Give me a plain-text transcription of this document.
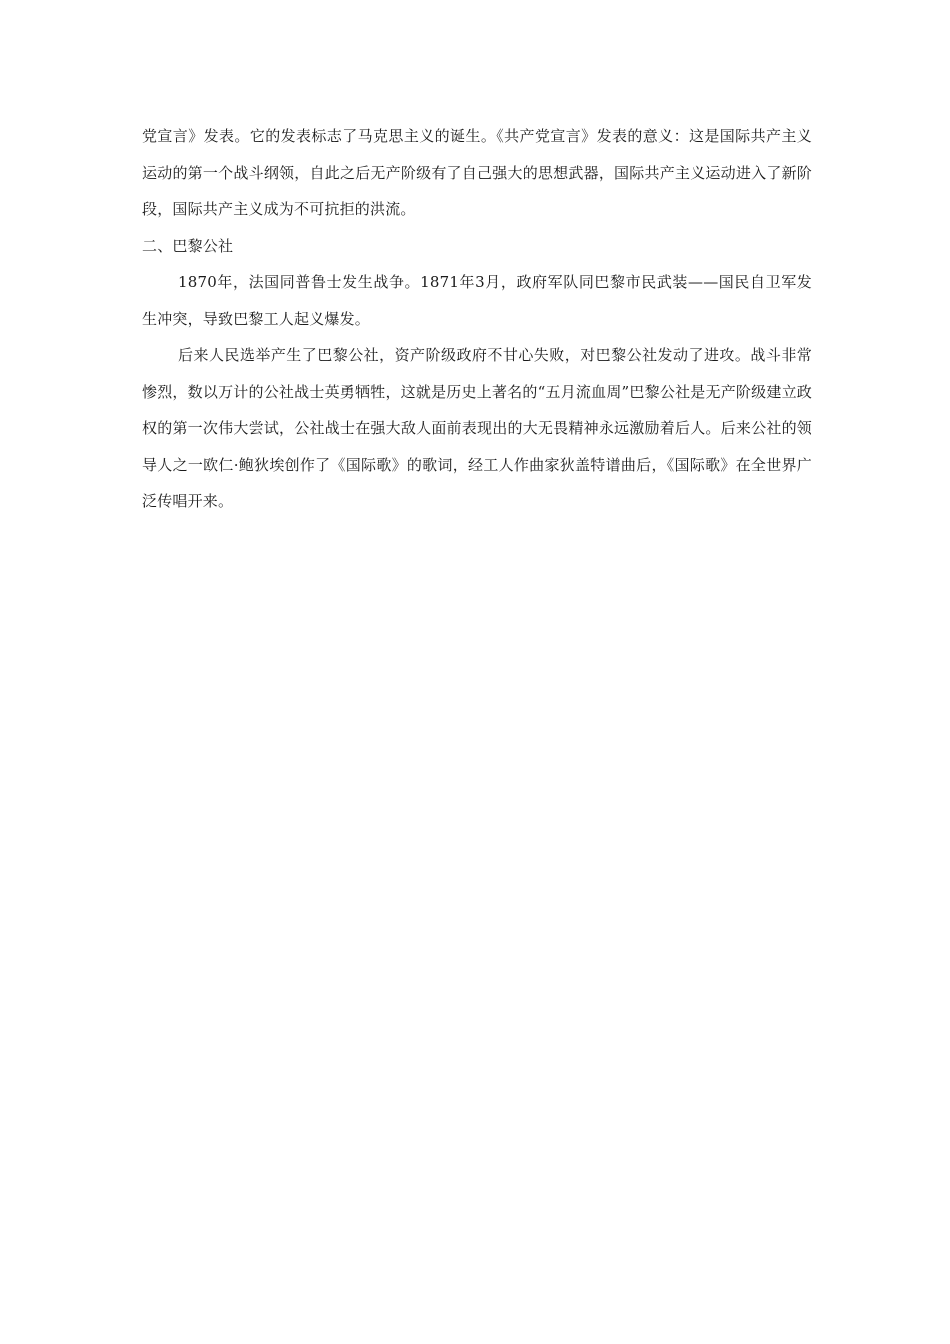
党宣言》发表。它的发表标志了马克思主义的诞生。《共产党宣言》发表的意义：这是国际共产主义运动的第一个战斗纲领，自此之后无产阶级有了自己强大的思想武器，国际共产主义运动进入了新阶段，国际共产主义成为不可抗拒的洪流。

二、巴黎公社

1870年，法国同普鲁士发生战争。1871年3月，政府军队同巴黎市民武装——国民自卫军发生冲突，导致巴黎工人起义爆发。

后来人民选举产生了巴黎公社，资产阶级政府不甘心失败，对巴黎公社发动了进攻。战斗非常惨烈，数以万计的公社战士英勇牺牲，这就是历史上著名的“五月流血周”巴黎公社是无产阶级建立政权的第一次伟大尝试，公社战士在强大敌人面前表现出的大无畏精神永远激励着后人。后来公社的领导人之一欧仁·鲍狄埃创作了《国际歌》的歌词，经工人作曲家狄盖特谱曲后，《国际歌》在全世界广泛传唱开来。
